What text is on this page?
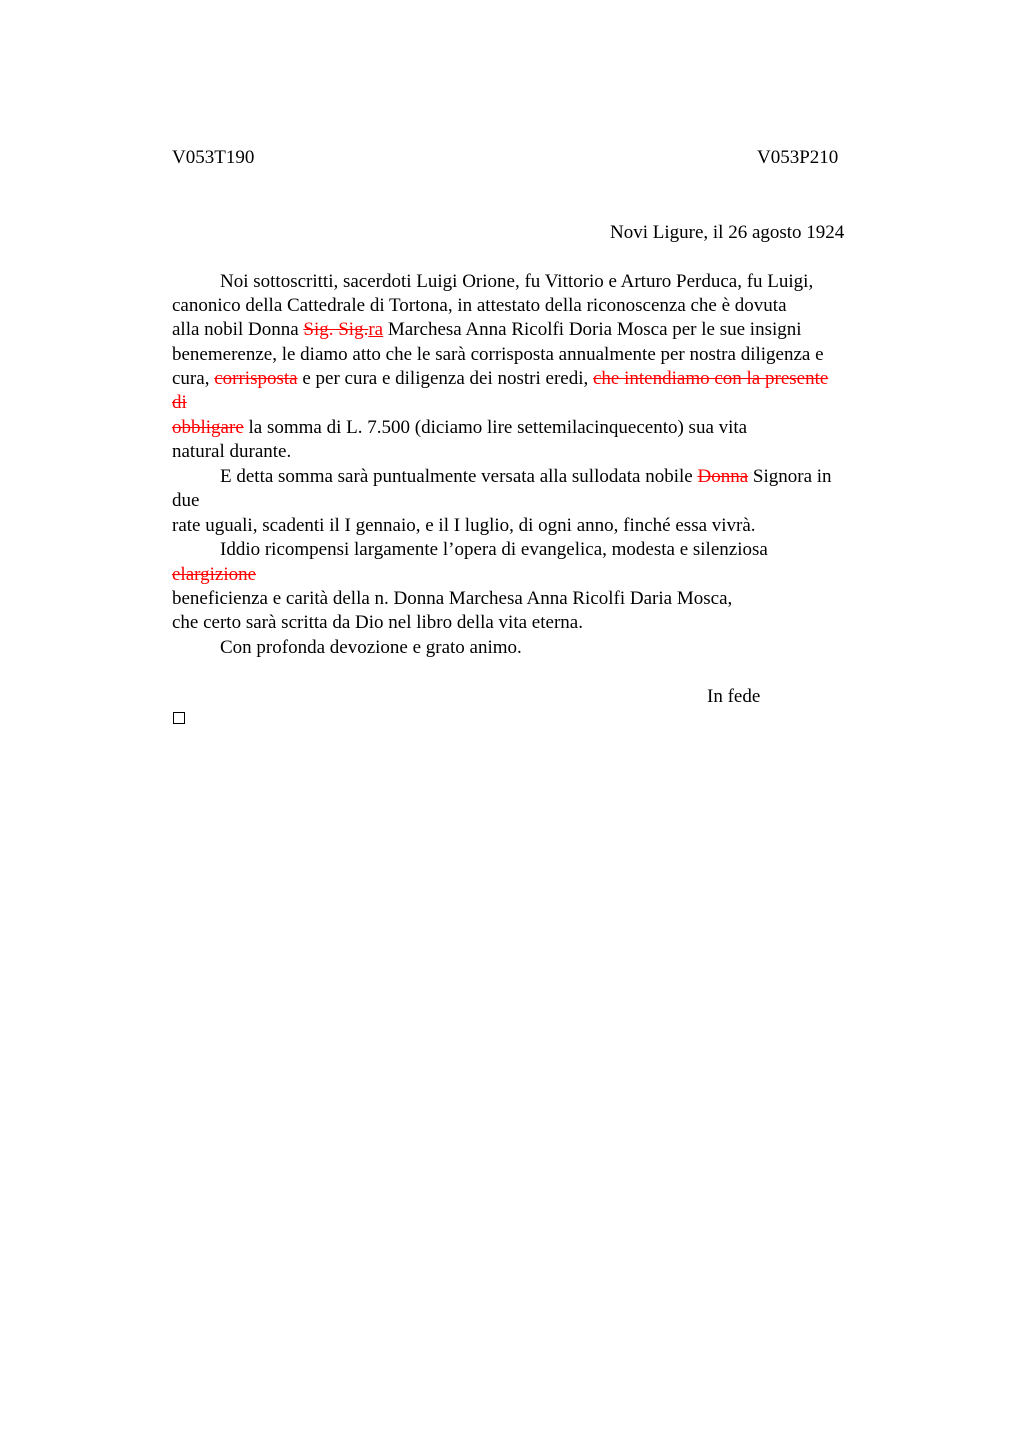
V053T190	V053P210
Novi Ligure, il 26 agosto 1924
Noi sottoscritti, sacerdoti Luigi Orione, fu Vittorio e Arturo Perduca, fu Luigi,
canonico della Cattedrale di Tortona, in attestato della riconoscenza che è dovuta
alla nobil Donna Sig. Sig.ra Marchesa Anna Ricolfi Doria Mosca per le sue insigni
benemerenze, le diamo atto che le sarà corrisposta annualmente per nostra diligenza e
cura, corrisposta e per cura e diligenza dei nostri eredi, che intendiamo con la presente
di
obbligare la somma di L. 7.500 (diciamo lire settemilacinquecento) sua vita
natural durante.
E detta somma sarà puntualmente versata alla sullodata nobile Donna Signora in
due
rate uguali, scadenti il I gennaio, e il I luglio, di ogni anno, finché essa vivrà.
Iddio ricompensi largamente l’opera di evangelica, modesta e silenziosa
elargizione
beneficienza e carità della n. Donna Marchesa Anna Ricolfi Daria Mosca,
che certo sarà scritta da Dio nel libro della vita eterna.
Con profonda devozione e grato animo.
In fede
